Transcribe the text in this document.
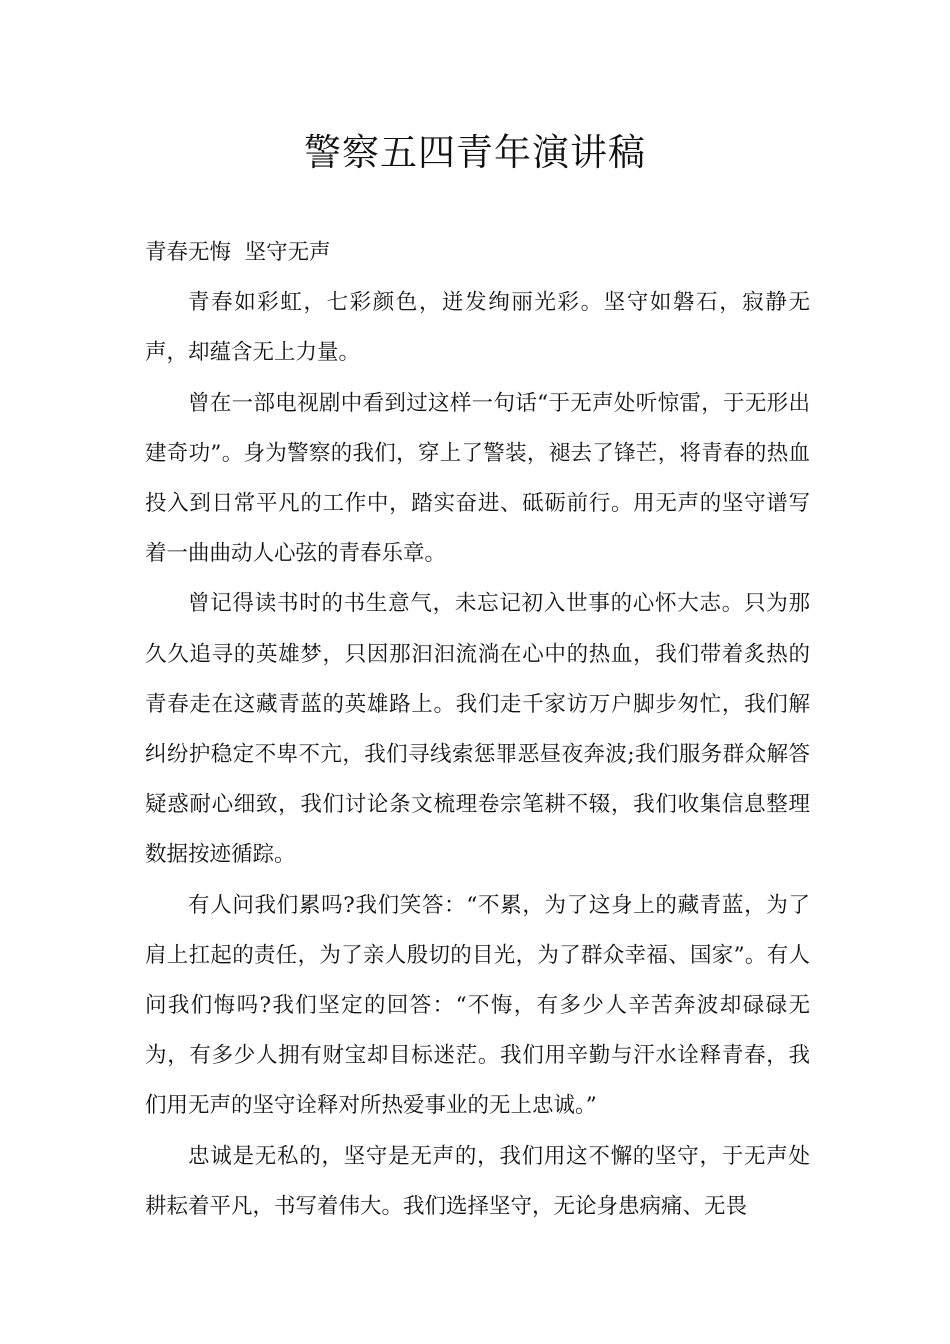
警察五四青年演讲稿

青春无悔  坚守无声

青春如彩虹，七彩颜色，迸发绚丽光彩。坚守如磐石，寂静无声，却蕴含无上力量。

曾在一部电视剧中看到过这样一句话“于无声处听惊雷，于无形出建奇功”。身为警察的我们，穿上了警装，褪去了锋芒，将青春的热血投入到日常平凡的工作中，踏实奋进、砥砺前行。用无声的坚守谱写着一曲曲动人心弦的青春乐章。

曾记得读书时的书生意气，未忘记初入世事的心怀大志。只为那久久追寻的英雄梦，只因那汩汩流淌在心中的热血，我们带着炙热的青春走在这藏青蓝的英雄路上。我们走千家访万户脚步匆忙，我们解纠纷护稳定不卑不亢，我们寻线索惩罪恶昼夜奔波;我们服务群众解答疑惑耐心细致，我们讨论条文梳理卷宗笔耕不辍，我们收集信息整理数据按迹循踪。

有人问我们累吗?我们笑答：“不累，为了这身上的藏青蓝，为了肩上扛起的责任，为了亲人殷切的目光，为了群众幸福、国家”。有人问我们悔吗?我们坚定的回答：“不悔，有多少人辛苦奔波却碌碌无为，有多少人拥有财宝却目标迷茫。我们用辛勤与汗水诠释青春，我们用无声的坚守诠释对所热爱事业的无上忠诚。”

忠诚是无私的，坚守是无声的，我们用这不懈的坚守，于无声处耕耘着平凡，书写着伟大。我们选择坚守，无论身患病痛、无畏
